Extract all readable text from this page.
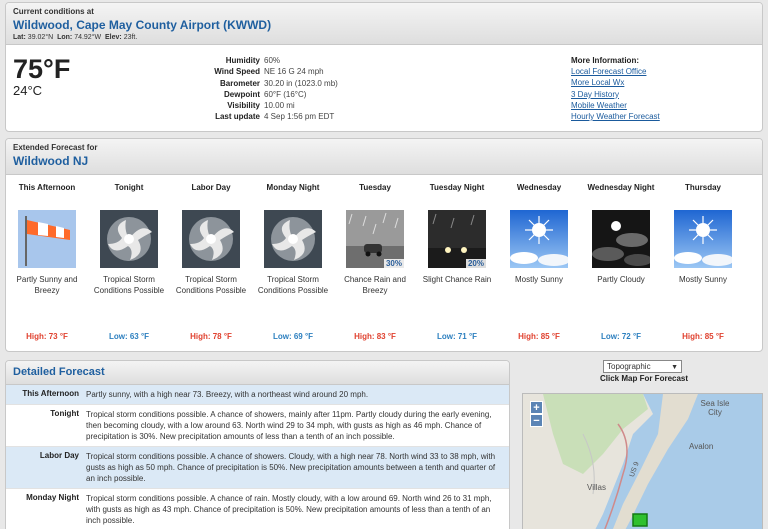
Current conditions at
Wildwood, Cape May County Airport (KWWD)
Lat: 39.02°N Lon: 74.92°W Elev: 23ft.
75°F
24°C
Humidity 60%
Wind Speed NE 16 G 24 mph
Barometer 30.20 in (1023.0 mb)
Dewpoint 60°F (16°C)
Visibility 10.00 mi
Last update 4 Sep 1:56 pm EDT
More Information:
Local Forecast Office
More Local Wx
3 Day History
Mobile Weather
Hourly Weather Forecast
Extended Forecast for
Wildwood NJ
This Afternoon
Partly Sunny and Breezy
High: 73 °F
Tonight
Tropical Storm Conditions Possible
Low: 63 °F
Labor Day
Tropical Storm Conditions Possible
High: 78 °F
Monday Night
Tropical Storm Conditions Possible
Low: 69 °F
Tuesday
30%
Chance Rain and Breezy
High: 83 °F
Tuesday Night
20%
Slight Chance Rain
Low: 71 °F
Wednesday
Mostly Sunny
High: 85 °F
Wednesday Night
Partly Cloudy
Low: 72 °F
Thursday
Mostly Sunny
High: 85 °F
Detailed Forecast
This Afternoon Partly sunny, with a high near 73. Breezy, with a northeast wind around 20 mph.
Tonight Tropical storm conditions possible. A chance of showers, mainly after 11pm. Partly cloudy during the early evening, then becoming cloudy, with a low around 63. North wind 29 to 34 mph, with gusts as high as 46 mph. Chance of precipitation is 30%. New precipitation amounts of less than a tenth of an inch possible.
Labor Day Tropical storm conditions possible. A chance of showers. Cloudy, with a high near 78. North wind 33 to 38 mph, with gusts as high as 50 mph. Chance of precipitation is 50%. New precipitation amounts between a tenth and quarter of an inch possible.
Monday Night Tropical storm conditions possible. A chance of rain. Mostly cloudy, with a low around 69. North wind 26 to 31 mph, with gusts as high as 43 mph. Chance of precipitation is 50%. New precipitation amounts of less than a tenth of an inch possible.
Topographic	▼
Click Map For Forecast
+
−
Sea Isle City
Avalon
Villas
US 9
